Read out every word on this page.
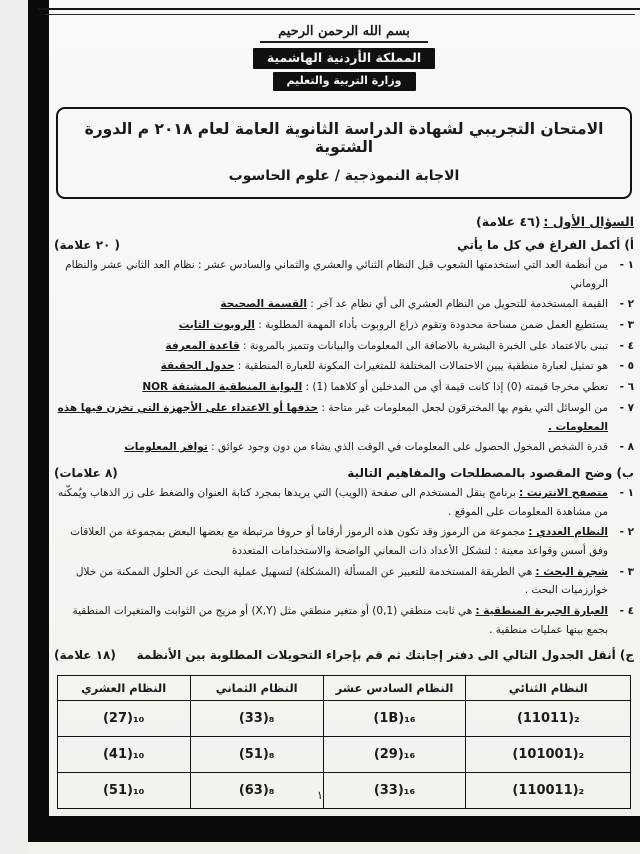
بسم الله الرحمن الرحيم
المملكة الأردنية الهاشمية
وزارة التربية والتعليم
الامتحان التجريبي لشهادة الدراسة الثانوية العامة لعام ٢٠١٨ م الدورة الشتوية
الاجابة النموذجية / علوم الحاسوب
السؤال الأول :(٤٦ علامة)
أ) أكمل الفراغ في كل ما يأتي
( ٢٠ علامة)
١ -
من أنظمة العد التي استخدمتها الشعوب قبل النظام الثنائي والعشري والثماني والسادس عشر : نظام العد الثاني عشر والنظام الروماني
٢ -
القيمة المستخدمة للتحويل من النظام العشري الى أي نظام عد آخر : القسمة الصحيحة
٣ -
يستطيع العمل ضمن مساحة محدودة وتقوم ذراع الروبوت بأداء المهمة المطلوبة : الروبوت الثابت
٤ -
تبنى بالاعتماد على الخبرة البشرية بالاضافة الى المعلومات والبيانات وتتميز بالمرونة : قاعدة المعرفة
٥ -
هو تمثيل لعبارة منطقية يبين الاحتمالات المختلفة للمتغيرات المكونة للعبارة المنطقية : جدول الحقيقة
٦ -
تعطي مخرجا قيمته (0) إذا كانت قيمة أي من المدخلين أو كلاهما (1) : البوابة المنطقية المشتقة NOR
٧ -
من الوسائل التي يقوم بها المخترقون لجعل المعلومات غير متاحة : حذفها أو الاعتداء على الأجهزة التي تخزن فيها هذه المعلومات .
٨ -
قدرة الشخص المخول الحصول على المعلومات في الوقت الذي يشاء من دون وجود عوائق : توافر المعلومات
ب) وضح المقصود بالمصطلحات والمفاهيم التالية
(٨ علامات)
١ -
متصفح الانترنت :برنامج ينقل المستخدم الى صفحة (الويب) التي يريدها بمجرد كتابة العنوان والضغط على زر الذهاب ويُمكّنه من مشاهدة المعلومات على الموقع .
٢ -
النظام العددي :مجموعة من الرموز وقد تكون هذه الرموز أرقاما أو حروفا مرتبطة مع بعضها البعض بمجموعة من العلاقات وفق أسس وقواعد معينة : لتشكل الأعداد ذات المعاني الواضحة والاستخدامات المتعددة
٣ -
شجرة البحث :هي الطريقة المستخدمة للتعبير عن المسألة (المشكلة) لتسهيل عملية البحث عن الحلول الممكنة من خلال خوارزميات البحث .
٤ -
العبارة الجبرية المنطقية :هي ثابت منطقي (0,1) أو متغير منطقي مثل (X,Y) أو مزيج من الثوابت والمتغيرات المنطقية بجمع بينها عمليات منطقية .
ج) أنقل الجدول التالي الى دفتر إجابتك ثم قم بإجراء التحويلات المطلوبة بين الأنظمة
(١٨ علامة)
النظام الثنائي	النظام السادس عشر	النظام الثماني	النظام العشري
(11011)₂	(1B)₁₆	(33)₈	(27)₁₀
(101001)₂	(29)₁₆	(51)₈	(41)₁₀
(110011)₂	(33)₁₆	(63)₈	(51)₁₀	١
